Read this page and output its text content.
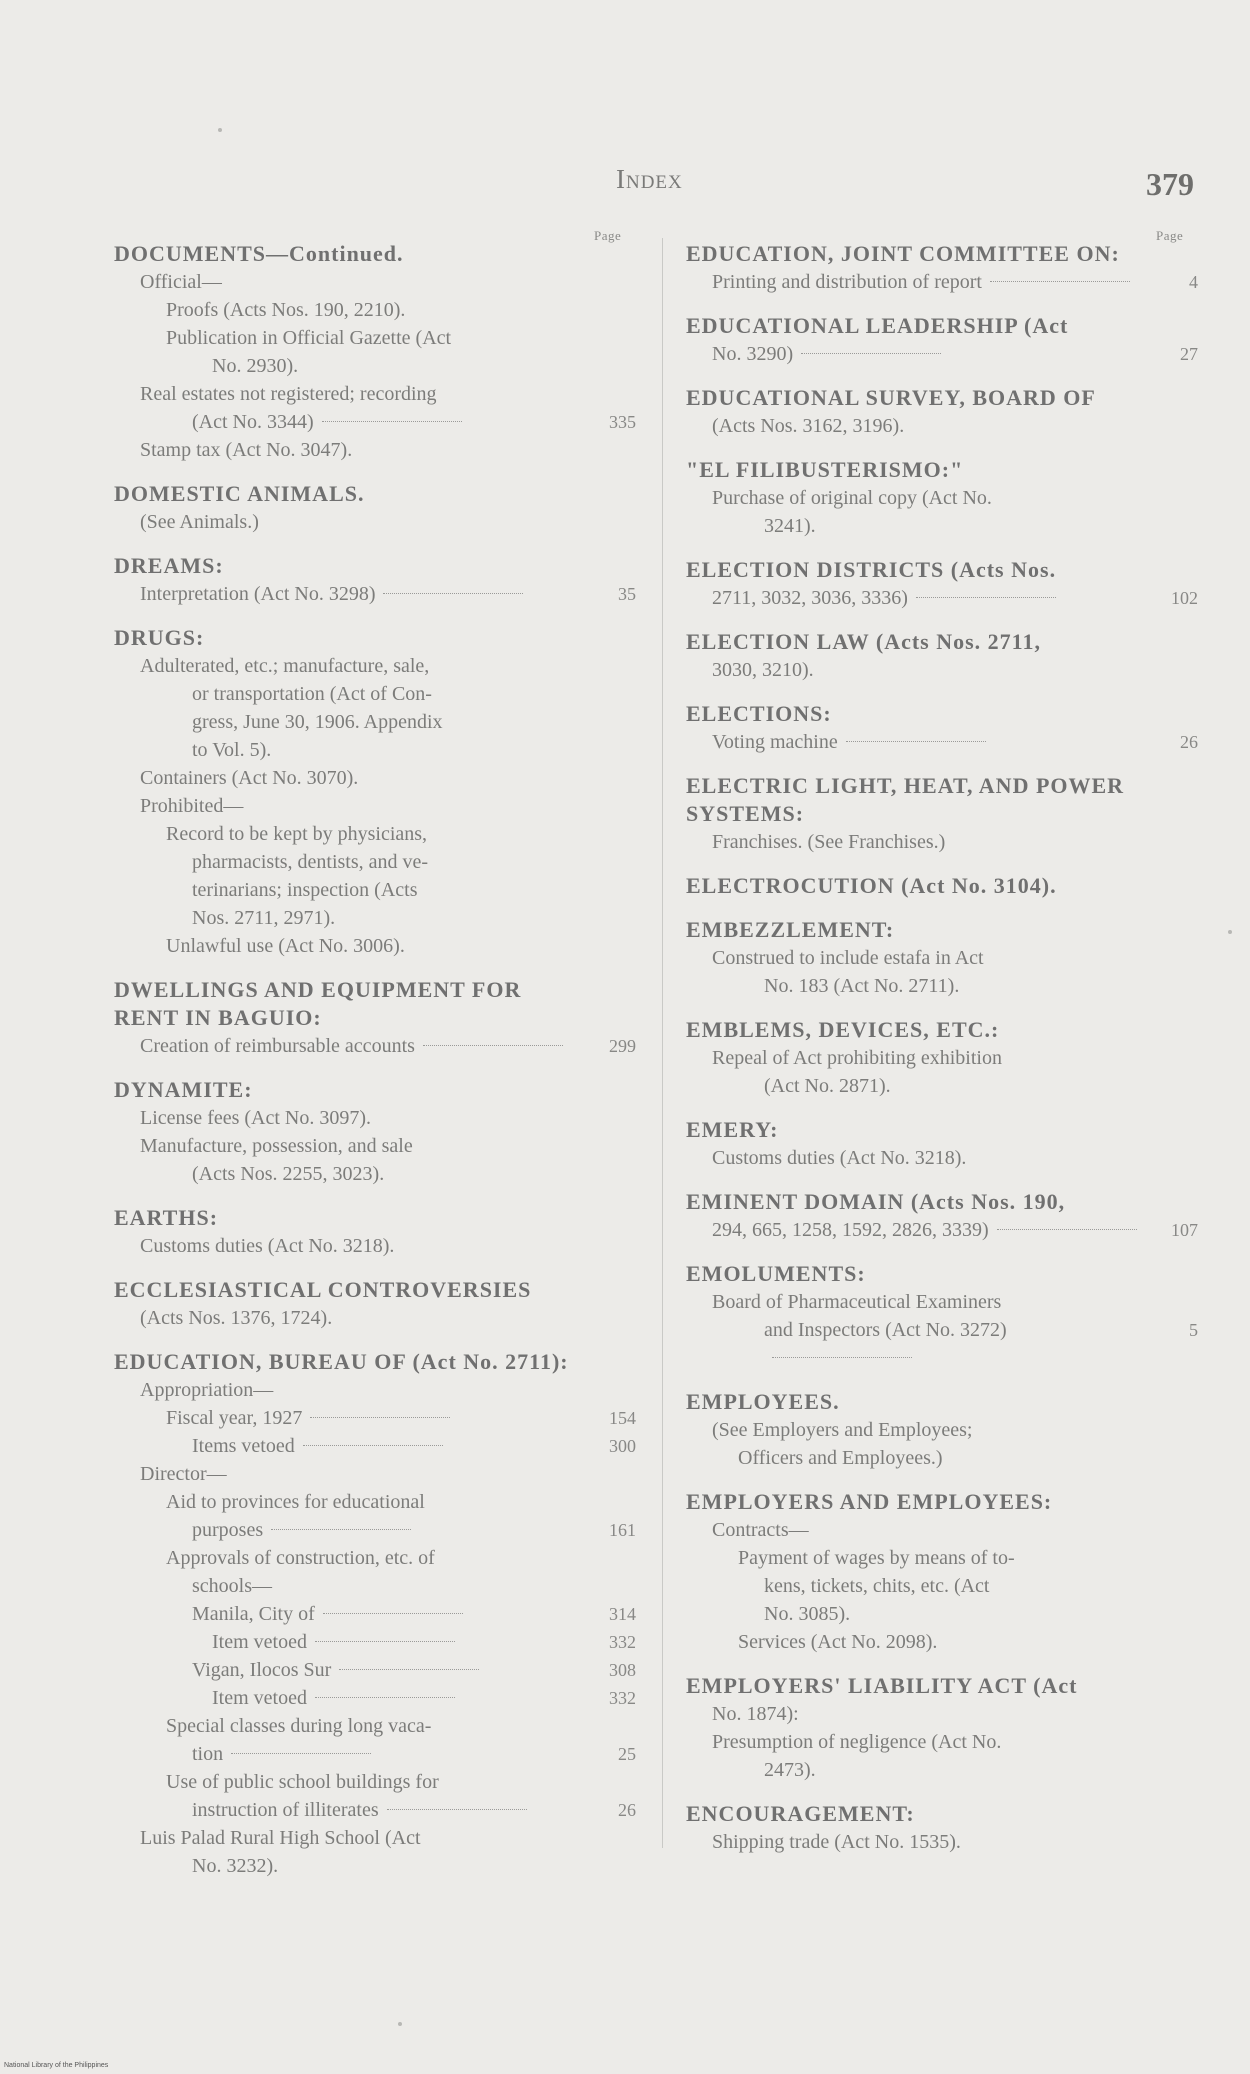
Index	379
Page
DOCUMENTS—Continued.
Official—
Proofs (Acts Nos. 190, 2210).
Publication in Official Gazette (Act
No. 2930).
Real estates not registered; recording
(Act No. 3344)	335
Stamp tax (Act No. 3047).
DOMESTIC ANIMALS.
(See Animals.)
DREAMS:
Interpretation (Act No. 3298)	35
DRUGS:
Adulterated, etc.; manufacture, sale,
or transportation (Act of Con-
gress, June 30, 1906. Appendix
to Vol. 5).
Containers (Act No. 3070).
Prohibited—
Record to be kept by physicians,
pharmacists, dentists, and ve-
terinarians; inspection (Acts
Nos. 2711, 2971).
Unlawful use (Act No. 3006).
DWELLINGS AND EQUIPMENT FOR RENT IN BAGUIO:
Creation of reimbursable accounts	299
DYNAMITE:
License fees (Act No. 3097).
Manufacture, possession, and sale
(Acts Nos. 2255, 3023).
EARTHS:
Customs duties (Act No. 3218).
ECCLESIASTICAL CONTROVERSIES
(Acts Nos. 1376, 1724).
EDUCATION, BUREAU OF (Act No. 2711):
Appropriation—
Fiscal year, 1927	154
Items vetoed	300
Director—
Aid to provinces for educational
purposes	161
Approvals of construction, etc. of
schools—
Manila, City of	314
Item vetoed	332
Vigan, Ilocos Sur	308
Item vetoed	332
Special classes during long vaca-
tion	25
Use of public school buildings for
instruction of illiterates	26
Luis Palad Rural High School (Act
No. 3232).
Page
EDUCATION, JOINT COMMITTEE ON:
Printing and distribution of report	4
EDUCATIONAL LEADERSHIP (Act
No. 3290)	27
EDUCATIONAL SURVEY, BOARD OF
(Acts Nos. 3162, 3196).
"EL FILIBUSTERISMO:"
Purchase of original copy (Act No.
3241).
ELECTION DISTRICTS (Acts Nos.
2711, 3032, 3036, 3336)	102
ELECTION LAW (Acts Nos. 2711,
3030, 3210).
ELECTIONS:
Voting machine	26
ELECTRIC LIGHT, HEAT, AND POWER SYSTEMS:
Franchises. (See Franchises.)
ELECTROCUTION (Act No. 3104).
EMBEZZLEMENT:
Construed to include estafa in Act
No. 183 (Act No. 2711).
EMBLEMS, DEVICES, ETC.:
Repeal of Act prohibiting exhibition
(Act No. 2871).
EMERY:
Customs duties (Act No. 3218).
EMINENT DOMAIN (Acts Nos. 190,
294, 665, 1258, 1592, 2826, 3339)	107
EMOLUMENTS:
Board of Pharmaceutical Examiners
and Inspectors (Act No. 3272)	5
EMPLOYEES.
(See Employers and Employees;
Officers and Employees.)
EMPLOYERS AND EMPLOYEES:
Contracts—
Payment of wages by means of to-
kens, tickets, chits, etc. (Act
No. 3085).
Services (Act No. 2098).
EMPLOYERS' LIABILITY ACT (Act
No. 1874):
Presumption of negligence (Act No.
2473).
ENCOURAGEMENT:
Shipping trade (Act No. 1535).
National Library of the Philippines
